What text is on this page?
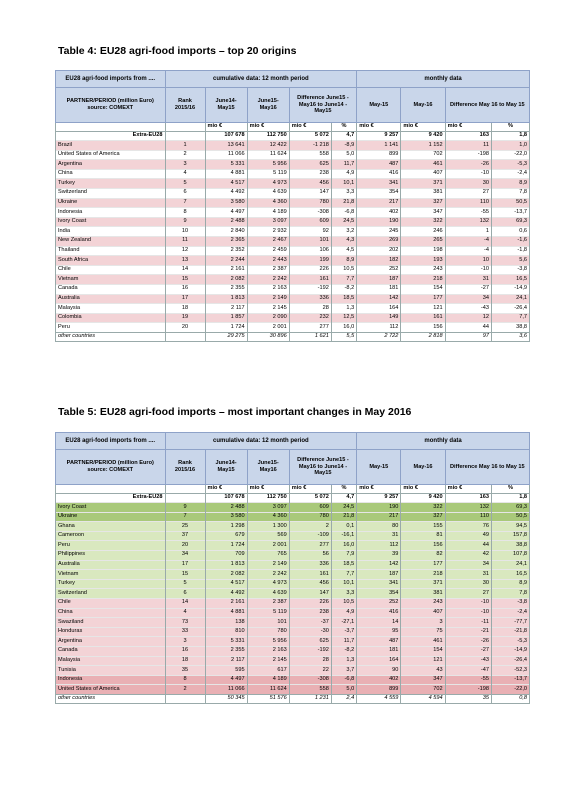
Table 4: EU28 agri-food imports – top 20 origins
EU28 agri-food imports from ....	cumulative data: 12 month period					monthly data			
PARTNER/PERIOD (million Euro) source: COMEXT	Rank 2015/16	June14- May15	June15- May16	Difference June15 - May16 to June14 - May15		May-15	May-16	Difference May 16 to May 15	
		mio €	mio €	mio €	%	mio €	mio €	mio €	%
Extra-EU28		107 678	112 750	5 072	4,7	9 257	9 420	163	1,8
Brazil	1	13 641	12 422	-1 218	-8,9	1 141	1 152	11	1,0
United States of America	2	11 066	11 624	558	5,0	899	702	-198	-22,0
Argentina	3	5 331	5 956	625	11,7	487	461	-26	-5,3
China	4	4 881	5 119	238	4,9	416	407	-10	-2,4
Turkey	5	4 517	4 973	456	10,1	341	371	30	8,9
Switzerland	6	4 492	4 639	147	3,3	354	381	27	7,8
Ukraine	7	3 580	4 360	780	21,8	217	327	110	50,5
Indonesia	8	4 497	4 189	-308	-6,8	402	347	-55	-13,7
Ivory Coast	9	2 488	3 097	609	24,5	190	322	132	69,3
India	10	2 840	2 932	92	3,2	245	246	1	0,6
New Zealand	11	2 365	2 467	101	4,3	269	265	-4	-1,6
Thailand	12	2 352	2 459	106	4,5	202	198	-4	-1,8
South Africa	13	2 244	2 443	199	8,9	182	193	10	5,6
Chile	14	2 161	2 387	226	10,5	252	243	-10	-3,8
Vietnam	15	2 082	2 242	161	7,7	187	218	31	16,5
Canada	16	2 355	2 163	-192	-8,2	181	154	-27	-14,9
Australia	17	1 813	2 149	336	18,5	142	177	34	24,1
Malaysia	18	2 117	2 145	28	1,3	164	121	-43	-26,4
Colombia	19	1 857	2 090	232	12,5	149	161	12	7,7
Peru	20	1 724	2 001	277	16,0	112	156	44	38,8
other countries		29 275	30 896	1 621	5,5	2 722	2 818	97	3,6
Table 5: EU28 agri-food imports – most important changes in May 2016
EU28 agri-food imports from ....	cumulative data: 12 month period					monthly data			
PARTNER/PERIOD (million Euro) source: COMEXT	Rank 2015/16	June14- May15	June15- May16	Difference June15 - May16 to June14 - May15		May-15	May-16	Difference May 16 to May 15	
		mio €	mio €	mio €	%	mio €	mio €	mio €	%
Extra-EU28		107 678	112 750	5 072	4,7	9 257	9 420	163	1,8
Ivory Coast	9	2 488	3 097	609	24,5	190	322	132	69,3
Ukraine	7	3 580	4 360	780	21,8	217	327	110	50,5
Ghana	25	1 298	1 300	2	0,1	80	155	76	94,5
Cameroon	37	679	569	-109	-16,1	31	81	49	157,8
Peru	20	1 724	2 001	277	16,0	112	156	44	38,8
Philippines	34	709	765	56	7,9	39	82	42	107,8
Australia	17	1 813	2 149	336	18,5	142	177	34	24,1
Vietnam	15	2 082	2 242	161	7,7	187	218	31	16,5
Turkey	5	4 517	4 973	456	10,1	341	371	30	8,9
Switzerland	6	4 492	4 639	147	3,3	354	381	27	7,8
Chile	14	2 161	2 387	226	10,5	252	243	-10	-3,8
China	4	4 881	5 119	238	4,9	416	407	-10	-2,4
Swaziland	73	138	101	-37	-27,1	14	3	-11	-77,7
Honduras	33	810	780	-30	-3,7	95	75	-21	-21,8
Argentina	3	5 331	5 956	625	11,7	487	461	-26	-5,3
Canada	16	2 355	2 163	-192	-8,2	181	154	-27	-14,9
Malaysia	18	2 117	2 145	28	1,3	164	121	-43	-26,4
Tunisia	35	595	617	22	3,7	90	43	-47	-52,3
Indonesia	8	4 497	4 189	-308	-6,8	402	347	-55	-13,7
United States of America	2	11 066	11 624	558	5,0	899	702	-198	-22,0
other countries		50 345	51 576	1 231	2,4	4 559	4 594	35	0,8
